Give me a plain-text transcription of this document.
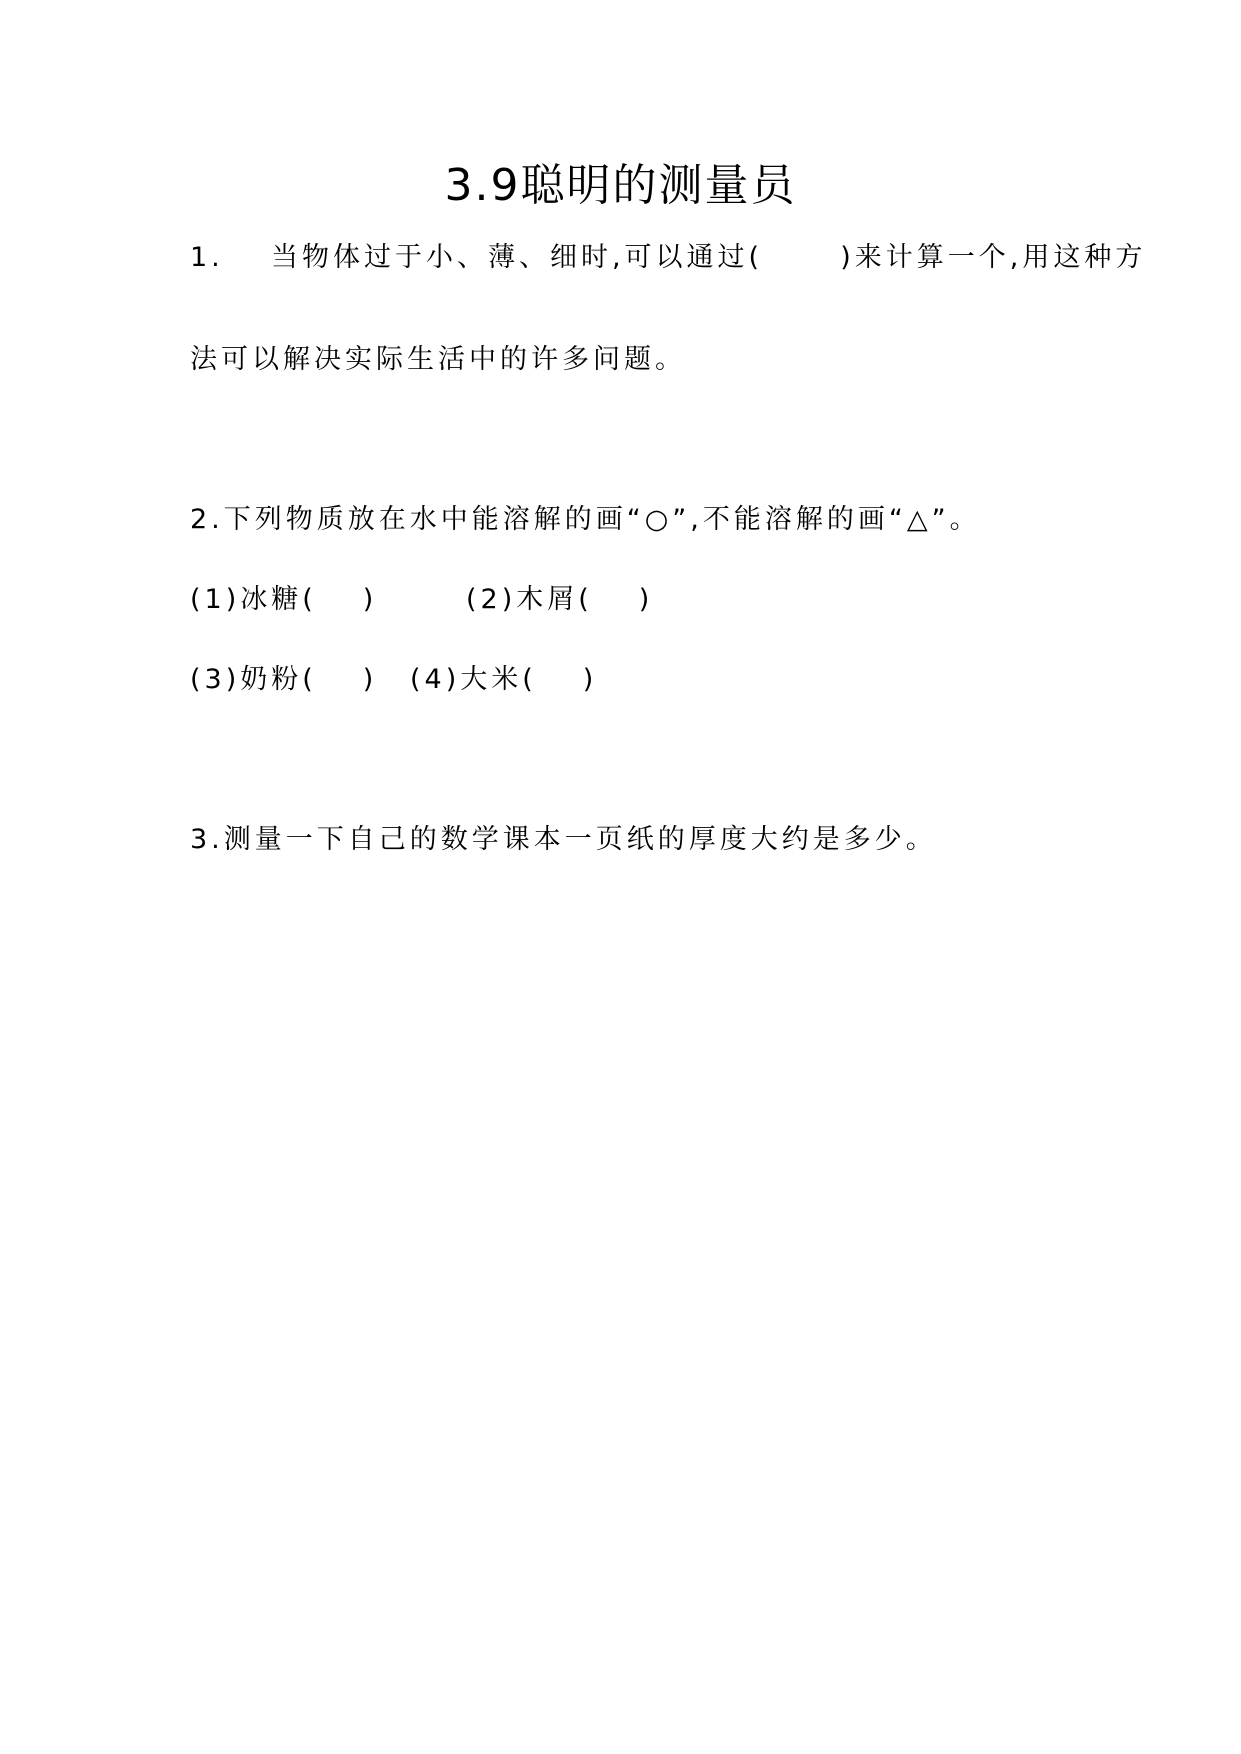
3.9聪明的测量员
1. 当物体过于小、薄、细时,可以通过(	)来计算一个,用这种方
法可以解决实际生活中的许多问题。
2.下列物质放在水中能溶解的画“○”,不能溶解的画“△”。
(1)冰糖( )	(2)木屑( )
(3)奶粉( ) (4)大米( )
3.测量一下自己的数学课本一页纸的厚度大约是多少。
